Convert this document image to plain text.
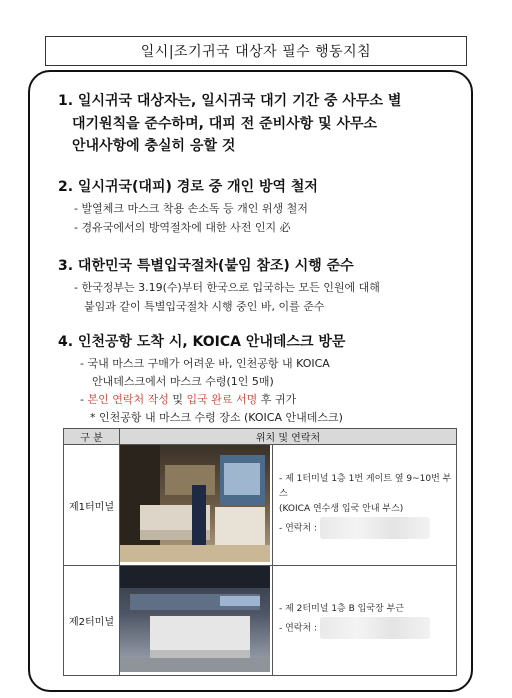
일시|조기귀국 대상자 필수 행동지침
1. 일시귀국 대상자는, 일시귀국 대기 기간 중 사무소 별
대기원칙을 준수하며, 대피 전 준비사항 및 사무소
안내사항에 충실히 응할 것
2. 일시귀국(대피) 경로 중 개인 방역 철저
- 발열체크 마스크 착용 손소독 등 개인 위생 철저
- 경유국에서의 방역절차에 대한 사전 인지 必
3. 대한민국 특별입국절차(붙임 참조) 시행 준수
- 한국정부는 3.19(수)부터 한국으로 입국하는 모든 인원에 대해
붙임과 같이 특별입국절차 시행 중인 바, 이를 준수
4. 인천공항 도착 시, KOICA 안내데스크 방문
- 국내 마스크 구매가 어려운 바, 인천공항 내 KOICA
안내데스크에서 마스크 수령(1인 5매)
- 본인 연락처 작성 및 입국 완료 서명 후 귀가
* 인천공항 내 마스크 수령 장소 (KOICA 안내데스크)
구 분	위치 및 연락처	
제1터미널		- 제 1터미널 1층 1번 게이트 옆 9~10번 부스
(KOICA 연수생 입국 안내 부스)
- 연락처 :

제2터미널		- 제 2터미널 1층 B 입국장 부근
- 연락처 :
